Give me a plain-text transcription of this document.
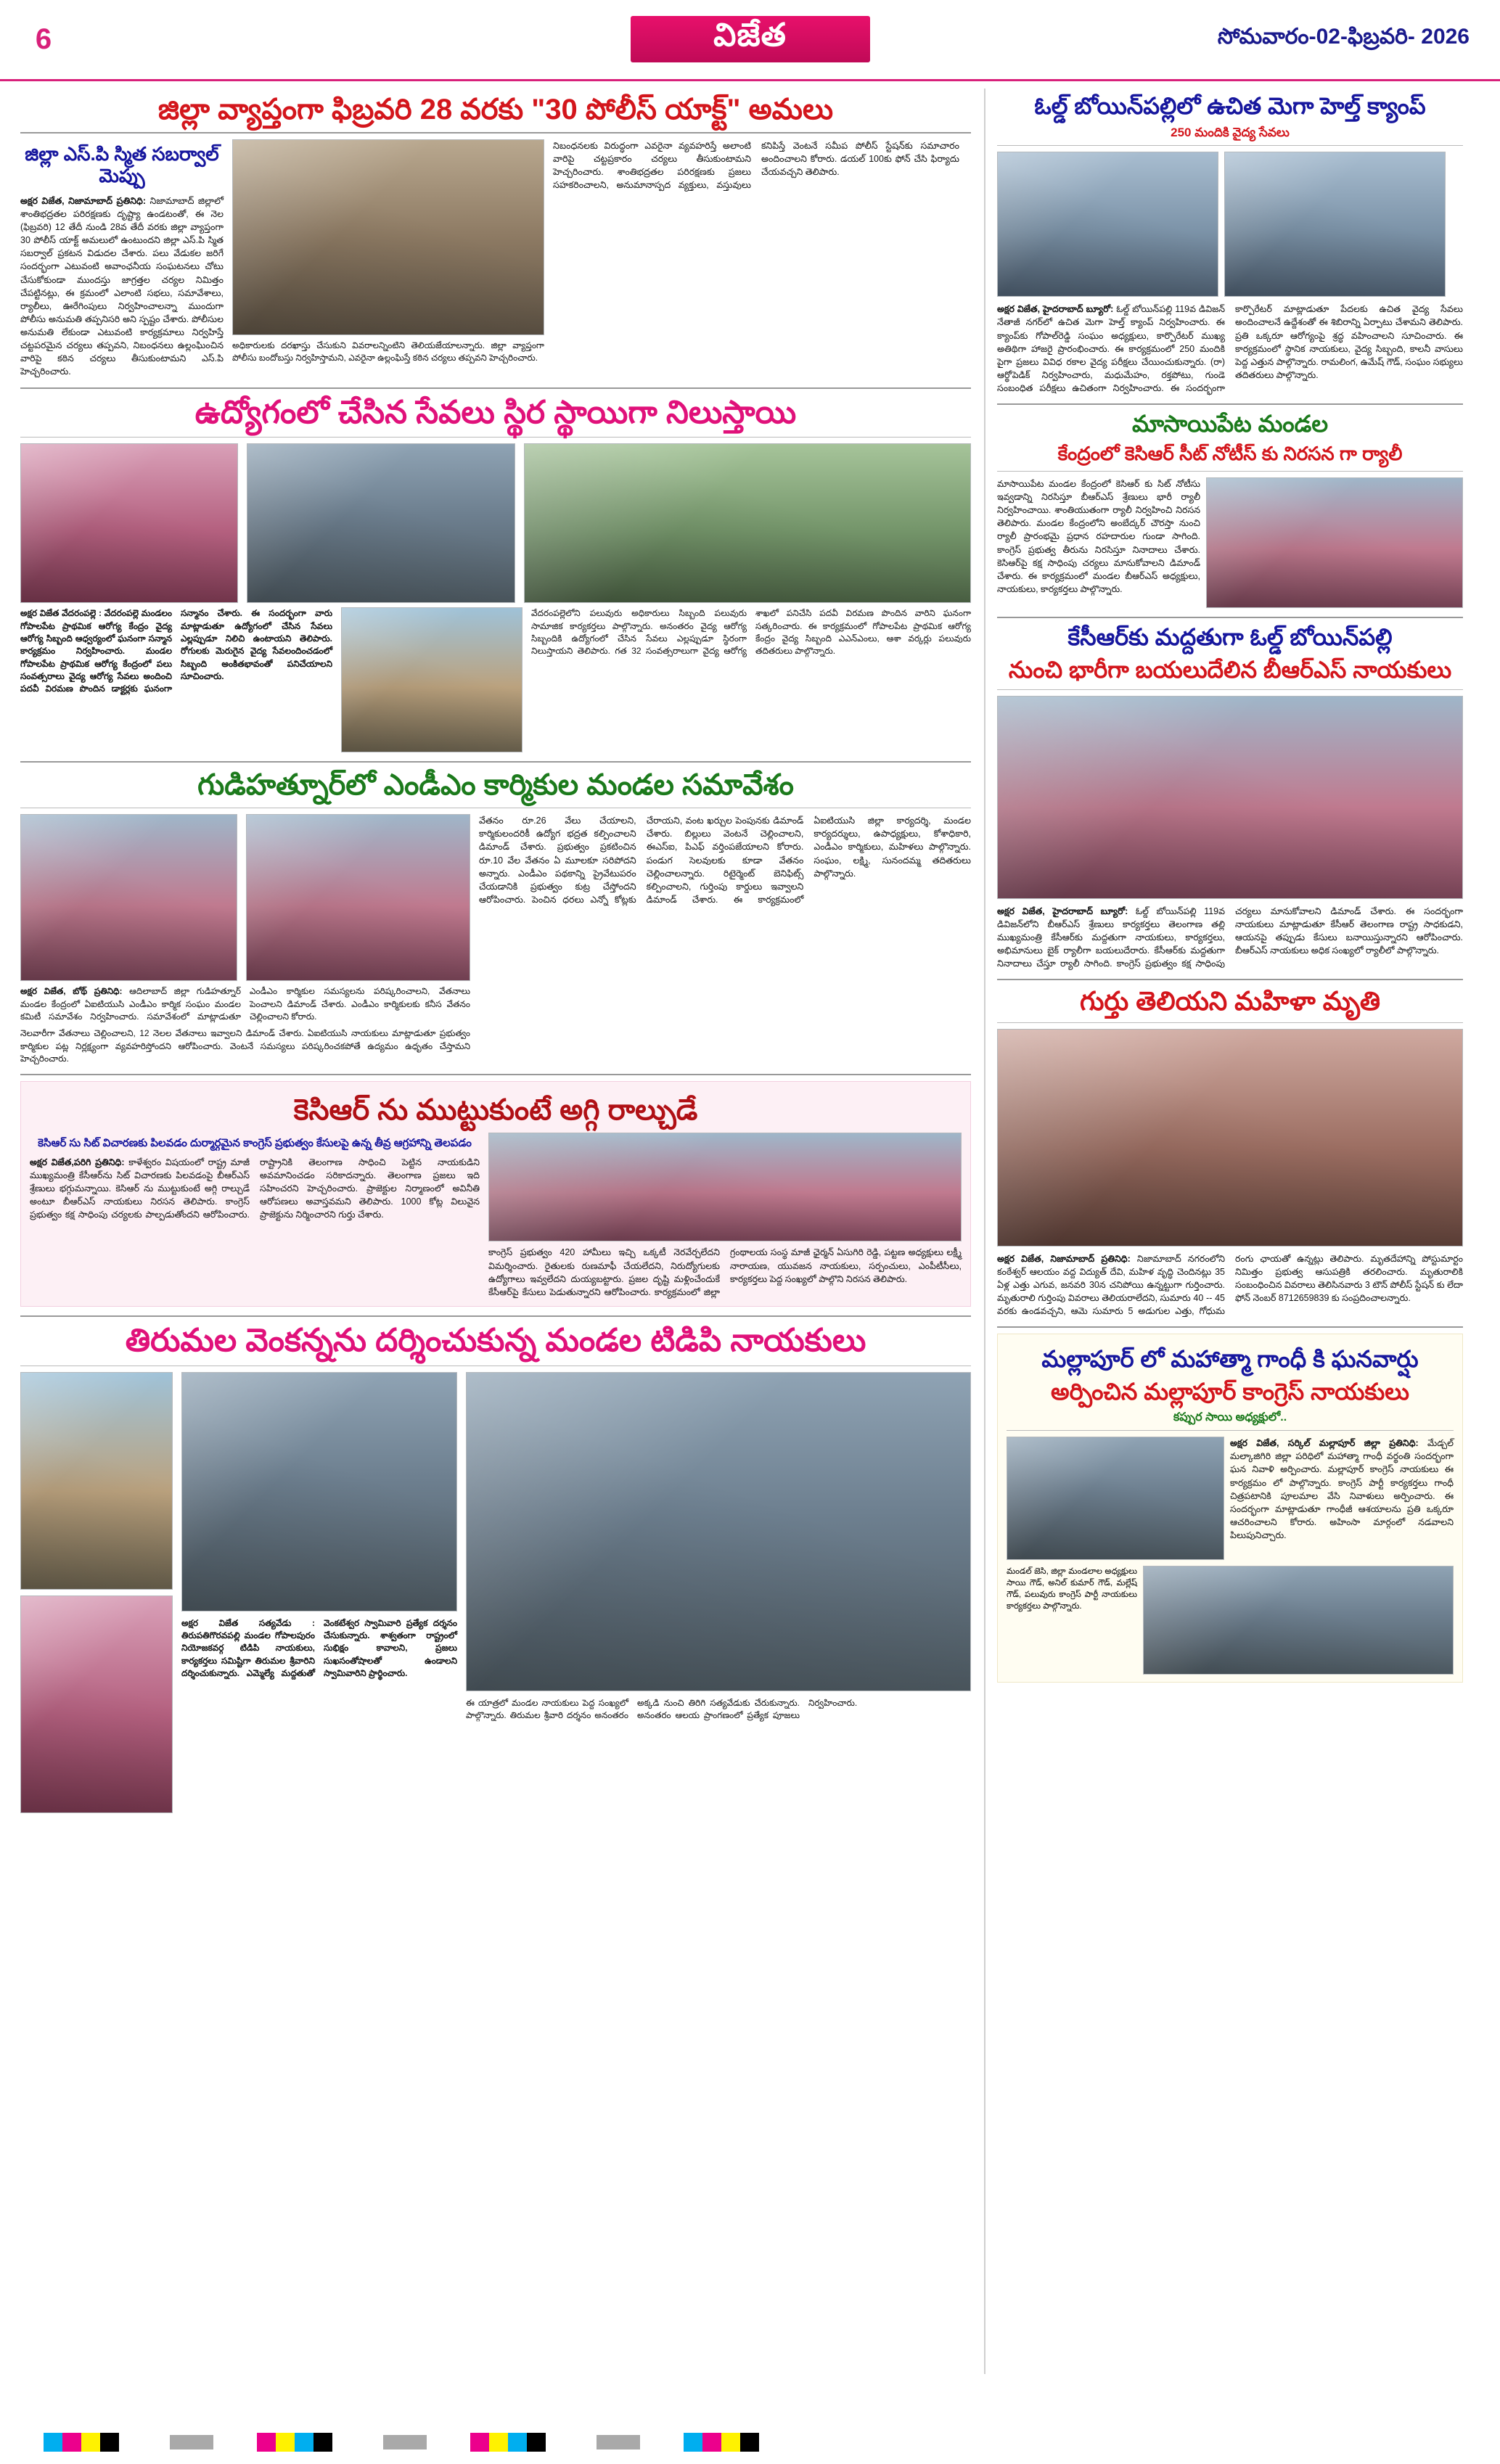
6	విజేత	సోమవారం-02-ఫిబ్రవరి- 2026
జిల్లా వ్యాప్తంగా ఫిబ్రవరి 28 వరకు "30 పోలీస్ యాక్ట్" అమలు
జిల్లా ఎస్.పి స్మిత సబర్వాల్ మెప్పు
అక్షర విజేత, నిజామాబాద్ ప్రతినిధి: నిజామాబాద్ జిల్లాలో శాంతిభద్రతల పరిరక్షణకు దృష్ట్యా ఉండటంతో, ఈ నెల (ఫిబ్రవరి) 12 తేదీ నుండి 28వ తేదీ వరకు జిల్లా వ్యాప్తంగా 30 పోలీస్ యాక్ట్ అమలులో ఉంటుందని జిల్లా ఎస్.పి స్మిత సబర్వాల్ ప్రకటన విడుదల చేశారు. పలు వేడుకల జరిగే సందర్భంగా ఎటువంటి అవాంఛనీయ సంఘటనలు చోటు చేసుకోకుండా ముందస్తు జాగ్రత్తల చర్యల నిమిత్తం చేపట్టినట్లు, ఈ క్రమంలో ఎలాంటి సభలు, సమావేశాలు, ర్యాలీలు, ఊరేగింపులు నిర్వహించాలన్నా ముందుగా పోలీసు అనుమతి తప్పనిసరి అని స్పష్టం చేశారు. పోలీసుల అనుమతి లేకుండా ఎటువంటి కార్యక్రమాలు నిర్వహిస్తే చట్టపరమైన చర్యలు తప్పవని, నిబంధనలు ఉల్లంఘించిన వారిపై కఠిన చర్యలు తీసుకుంటామని ఎస్.పి హెచ్చరించారు.
అధికారులకు దరఖాస్తు చేసుకుని వివరాలన్నింటిని తెలియజేయాలన్నారు. జిల్లా వ్యాప్తంగా పోలీసు బందోబస్తు నిర్వహిస్తామని, ఎవరైనా ఉల్లంఘిస్తే కఠిన చర్యలు తప్పవని హెచ్చరించారు.
నిబంధనలకు విరుద్ధంగా ఎవరైనా వ్యవహరిస్తే అలాంటి వారిపై చట్టప్రకారం చర్యలు తీసుకుంటామని హెచ్చరించారు. శాంతిభద్రతల పరిరక్షణకు ప్రజలు సహకరించాలని, అనుమానాస్పద వ్యక్తులు, వస్తువులు కనిపిస్తే వెంటనే సమీప పోలీస్ స్టేషన్‌కు సమాచారం అందించాలని కోరారు. డయల్ 100కు ఫోన్ చేసి ఫిర్యాదు చేయవచ్చని తెలిపారు.
ఉద్యోగంలో చేసిన సేవలు స్థిర స్థాయిగా నిలుస్తాయి
అక్షర విజేత వేదరంపల్లె : వేదరంపల్లె మండలం గోపాలపేట ప్రాథమిక ఆరోగ్య కేంద్రం వైద్య ఆరోగ్య సిబ్బంది ఆధ్వర్యంలో ఘనంగా సన్మాన కార్యక్రమం నిర్వహించారు. మండల గోపాలపేట ప్రాథమిక ఆరోగ్య కేంద్రంలో పలు సంవత్సరాలు వైద్య ఆరోగ్య సేవలు అందించి పదవీ విరమణ పొందిన డాక్టర్లకు ఘనంగా సన్మానం చేశారు. ఈ సందర్భంగా వారు మాట్లాడుతూ ఉద్యోగంలో చేసిన సేవలు ఎల్లప్పుడూ నిలిచి ఉంటాయని తెలిపారు. రోగులకు మెరుగైన వైద్య సేవలందించడంలో సిబ్బంది అంకితభావంతో పనిచేయాలని సూచించారు.
వేదరంపల్లెలోని పలువురు అధికారులు సిబ్బంది పలువురు సామాజిక కార్యకర్తలు పాల్గొన్నారు. అనంతరం వైద్య ఆరోగ్య సిబ్బందికి ఉద్యోగంలో చేసిన సేవలు ఎల్లప్పుడూ స్థిరంగా నిలుస్తాయని తెలిపారు. గత 32 సంవత్సరాలుగా వైద్య ఆరోగ్య శాఖలో పనిచేసి పదవీ విరమణ పొందిన వారిని ఘనంగా సత్కరించారు. ఈ కార్యక్రమంలో గోపాలపేట ప్రాథమిక ఆరోగ్య కేంద్రం వైద్య సిబ్బంది ఎఎన్ఎంలు, ఆశా వర్కర్లు పలువురు తదితరులు పాల్గొన్నారు.
గుడిహత్నూర్‌లో ఎండీఎం కార్మికుల మండల సమావేశం
అక్షర విజేత, బోథ్ ప్రతినిధి: ఆదిలాబాద్ జిల్లా గుడిహత్నూర్ మండల కేంద్రంలో ఏఐటియుసి ఎండీఎం కార్మిక సంఘం మండల కమిటీ సమావేశం నిర్వహించారు. సమావేశంలో మాట్లాడుతూ ఎండీఎం కార్మికుల సమస్యలను పరిష్కరించాలని, వేతనాలు పెంచాలని డిమాండ్ చేశారు. ఎండీఎం కార్మికులకు కనీస వేతనం చెల్లించాలని కోరారు.
నెలవారీగా వేతనాలు చెల్లించాలని, 12 నెలల వేతనాలు ఇవ్వాలని డిమాండ్ చేశారు. ఏఐటియుసి నాయకులు మాట్లాడుతూ ప్రభుత్వం కార్మికుల పట్ల నిర్లక్ష్యంగా వ్యవహరిస్తోందని ఆరోపించారు. వెంటనే సమస్యలు పరిష్కరించకపోతే ఉద్యమం ఉధృతం చేస్తామని హెచ్చరించారు.
వేతనం రూ.26 వేలు చేయాలని, కార్మికులందరికీ ఉద్యోగ భద్రత కల్పించాలని డిమాండ్ చేశారు. ప్రభుత్వం ప్రకటించిన రూ.10 వేల వేతనం ఏ మూలకూ సరిపోదని అన్నారు. ఎండీఎం పథకాన్ని ప్రైవేటుపరం చేయడానికి ప్రభుత్వం కుట్ర చేస్తోందని ఆరోపించారు. పెంచిన ధరలు ఎన్నో కోట్లకు చేరాయని, వంట ఖర్చుల పెంపునకు డిమాండ్ చేశారు. బిల్లులు వెంటనే చెల్లించాలని, ఈఎస్ఐ, పిఎఫ్ వర్తింపజేయాలని కోరారు. పండుగ సెలవులకు కూడా వేతనం చెల్లించాలన్నారు. రిటైర్మెంట్ బెనిఫిట్స్ కల్పించాలని, గుర్తింపు కార్డులు ఇవ్వాలని డిమాండ్ చేశారు. ఈ కార్యక్రమంలో ఏఐటియుసి జిల్లా కార్యదర్శి, మండల కార్యదర్శులు, ఉపాధ్యక్షులు, కోశాధికారి, ఎండీఎం కార్మికులు, మహిళలు పాల్గొన్నారు. సంఘం, లక్ష్మి, సునందమ్మ తదితరులు పాల్గొన్నారు.
కెసిఆర్ ను ముట్టుకుంటే అగ్గి రాల్చుడే
కెసిఆర్ సు సిట్ విచారణకు పిలవడం దుర్మార్గమైన కాంగ్రెస్ ప్రభుత్వం కేసులపై ఉన్న తీవ్ర ఆగ్రహాన్ని తెలపడం
అక్షర విజేత,పరిగి ప్రతినిధి: కాళేశ్వరం విషయంలో రాష్ట్ర మాజీ ముఖ్యమంత్రి కేసీఆర్‌ను సిట్ విచారణకు పిలవడంపై బీఆర్ఎస్ శ్రేణులు భగ్గుమన్నాయి. కెసిఆర్ ను ముట్టుకుంటే అగ్గి రాల్చుడే అంటూ బీఆర్ఎస్ నాయకులు నిరసన తెలిపారు. కాంగ్రెస్ ప్రభుత్వం కక్ష సాధింపు చర్యలకు పాల్పడుతోందని ఆరోపించారు. రాష్ట్రానికి తెలంగాణ సాధించి పెట్టిన నాయకుడిని అవమానించడం సరికాదన్నారు. తెలంగాణ ప్రజలు ఇది సహించరని హెచ్చరించారు. ప్రాజెక్టుల నిర్మాణంలో అవినీతి ఆరోపణలు అవాస్తవమని తెలిపారు. 1000 కోట్ల విలువైన ప్రాజెక్టును నిర్మించారని గుర్తు చేశారు.
కాంగ్రెస్ ప్రభుత్వం 420 హామీలు ఇచ్చి ఒక్కటీ నెరవేర్చలేదని విమర్శించారు. రైతులకు రుణమాఫీ చేయలేదని, నిరుద్యోగులకు ఉద్యోగాలు ఇవ్వలేదని దుయ్యబట్టారు. ప్రజల దృష్టి మళ్లించేందుకే కేసీఆర్‌పై కేసులు పెడుతున్నారని ఆరోపించారు. కార్యక్రమంలో జిల్లా గ్రంథాలయ సంస్థ మాజీ ఛైర్మన్ ఏసుగిరి రెడ్డి, పట్టణ అధ్యక్షులు లక్ష్మీ నారాయణ, యువజన నాయకులు, సర్పంచులు, ఎంపీటీసీలు, కార్యకర్తలు పెద్ద సంఖ్యలో పాల్గొని నిరసన తెలిపారు.
తిరుమల వెంకన్నను దర్శించుకున్న మండల టిడిపి నాయకులు
అక్షర విజేత సత్యవేడు : తిరుపతిగొరవపల్లి మండల గోపాలపురం నియోజకవర్గ టిడిపి నాయకులు, కార్యకర్తలు సమిష్టిగా తిరుమల శ్రీవారిని దర్శించుకున్నారు. ఎమ్మెల్యే మద్దతుతో వెంకటేశ్వర స్వామివారి ప్రత్యేక దర్శనం చేసుకున్నారు. శాశ్వతంగా రాష్ట్రంలో సుభిక్షం కావాలని, ప్రజలు సుఖసంతోషాలతో ఉండాలని స్వామివారిని ప్రార్థించారు.
ఈ యాత్రలో మండల నాయకులు పెద్ద సంఖ్యలో పాల్గొన్నారు. తిరుమల శ్రీవారి దర్శనం అనంతరం అక్కడి నుంచి తిరిగి సత్యవేడుకు చేరుకున్నారు. అనంతరం ఆలయ ప్రాంగణంలో ప్రత్యేక పూజలు నిర్వహించారు.
ఓల్డ్ బోయిన్‌పల్లిలో ఉచిత మెగా హెల్త్ క్యాంప్
250 మందికి వైద్య సేవలు
అక్షర విజేత, హైదరాబాద్ బ్యూరో: ఓల్డ్ బోయిన్‌పల్లి 119వ డివిజన్ నేతాజీ నగర్‌లో ఉచిత మెగా హెల్త్ క్యాంప్ నిర్వహించారు. ఈ క్యాంప్‌కు గోపాల్‌రెడ్డి సంఘం అధ్యక్షులు, కార్పొరేటర్ ముఖ్య అతిథిగా హాజరై ప్రారంభించారు. ఈ కార్యక్రమంలో 250 మందికి పైగా ప్రజలు వివిధ రకాల వైద్య పరీక్షలు చేయించుకున్నారు. (రా) ఆర్థోపెడిక్ నిర్వహించారు, మధుమేహం, రక్తపోటు, గుండె సంబంధిత పరీక్షలు ఉచితంగా నిర్వహించారు. ఈ సందర్భంగా కార్పొరేటర్ మాట్లాడుతూ పేదలకు ఉచిత వైద్య సేవలు అందించాలనే ఉద్దేశంతో ఈ శిబిరాన్ని ఏర్పాటు చేశామని తెలిపారు. ప్రతి ఒక్కరూ ఆరోగ్యంపై శ్రద్ధ వహించాలని సూచించారు. ఈ కార్యక్రమంలో స్థానిక నాయకులు, వైద్య సిబ్బంది, కాలనీ వాసులు పెద్ద ఎత్తున పాల్గొన్నారు. రామలింగ, ఉమేష్ గౌడ్, సంఘం సభ్యులు తదితరులు పాల్గొన్నారు.
మాసాయిపేట మండల
కేంద్రంలో కెసిఆర్ సీట్ నోటీస్ కు నిరసన గా ర్యాలీ
మాసాయిపేట మండల కేంద్రంలో కెసిఆర్ కు సిట్ నోటీసు ఇవ్వడాన్ని నిరసిస్తూ బీఆర్ఎస్ శ్రేణులు భారీ ర్యాలీ నిర్వహించాయి. శాంతియుతంగా ర్యాలీ నిర్వహించి నిరసన తెలిపారు. మండల కేంద్రంలోని అంబేద్కర్ చౌరస్తా నుంచి ర్యాలీ ప్రారంభమై ప్రధాన రహదారుల గుండా సాగింది. కాంగ్రెస్ ప్రభుత్వ తీరును నిరసిస్తూ నినాదాలు చేశారు. కెసిఆర్‌పై కక్ష సాధింపు చర్యలు మానుకోవాలని డిమాండ్ చేశారు. ఈ కార్యక్రమంలో మండల బీఆర్ఎస్ అధ్యక్షులు, నాయకులు, కార్యకర్తలు పాల్గొన్నారు.
కేసీఆర్‌కు మద్దతుగా ఓల్డ్ బోయిన్‌పల్లి
నుంచి భారీగా బయలుదేలిన బీఆర్ఎస్ నాయకులు
అక్షర విజేత, హైదరాబాద్ బ్యూరో: ఓల్డ్ బోయిన్‌పల్లి 119వ డివిజన్‌లోని బీఆర్ఎస్ శ్రేణులు కార్యకర్తలు తెలంగాణ తల్లి ముఖ్యమంత్రి కేసీఆర్‌కు మద్దతుగా నాయకులు, కార్యకర్తలు, అభిమానులు బైక్ ర్యాలీగా బయలుదేరారు. కేసీఆర్‌కు మద్దతుగా నినాదాలు చేస్తూ ర్యాలీ సాగింది. కాంగ్రెస్ ప్రభుత్వం కక్ష సాధింపు చర్యలు మానుకోవాలని డిమాండ్ చేశారు. ఈ సందర్భంగా నాయకులు మాట్లాడుతూ కేసీఆర్ తెలంగాణ రాష్ట్ర సాధకుడని, ఆయనపై తప్పుడు కేసులు బనాయిస్తున్నారని ఆరోపించారు. బీఆర్ఎస్ నాయకులు అధిక సంఖ్యలో ర్యాలీలో పాల్గొన్నారు.
గుర్తు తెలియని మహిళా మృతి
అక్షర విజేత, నిజామాబాద్ ప్రతినిధి: నిజామాబాద్ నగరంలోని కంఠేశ్వర్ ఆలయం వద్ద విద్యుత్ దేవి, మహిళ వృద్ధి చెందినట్లు 35 ఏళ్ల ఎత్తు ఎగువ, జనవరి 30న చనిపోయి ఉన్నట్టుగా గుర్తించారు. మృతురాలి గుర్తింపు వివరాలు తెలియరాలేదని, సుమారు 40 -- 45 వరకు ఉండవచ్చని, ఆమె సుమారు 5 అడుగుల ఎత్తు, గోధుమ రంగు ఛాయతో ఉన్నట్లు తెలిపారు. మృతదేహాన్ని పోస్టుమార్టం నిమిత్తం ప్రభుత్వ ఆసుపత్రికి తరలించారు. మృతురాలికి సంబంధించిన వివరాలు తెలిసినవారు 3 టౌన్ పోలీస్ స్టేషన్ కు లేదా ఫోన్ నెంబర్ 8712659839 కు సంప్రదించాలన్నారు.
మల్లాపూర్ లో మహాత్మా గాంధీ కి ఘనవార్షు
అర్పించిన మల్లాపూర్ కాంగ్రెస్ నాయకులు
కప్పుర సాయి అధ్యక్షులో..
అక్షర విజేత, సర్కిల్ మల్లాపూర్ జిల్లా ప్రతినిధి: మేడ్చల్ మల్కాజిగిరి జిల్లా పరిధిలో మహాత్మా గాంధీ వర్థంతి సందర్భంగా ఘన నివాళి అర్పించారు. మల్లాపూర్ కాంగ్రెస్ నాయకులు ఈ కార్యక్రమం లో పాల్గొన్నారు. కాంగ్రెస్ పార్టీ కార్యకర్తలు గాంధీ చిత్రపటానికి పూలమాల వేసి నివాళులు అర్పించారు. ఈ సందర్భంగా మాట్లాడుతూ గాంధీజీ ఆశయాలను ప్రతి ఒక్కరూ ఆచరించాలని కోరారు. అహింసా మార్గంలో నడవాలని పిలుపునిచ్చారు.
మండల్ జెసి, జిల్లా మండలాల అధ్యక్షులు సాయి గౌడ్, అనిల్ కుమార్ గౌడ్, మల్లేష్ గౌడ్, పలువురు కాంగ్రెస్ పార్టీ నాయకులు కార్యకర్తలు పాల్గొన్నారు.
